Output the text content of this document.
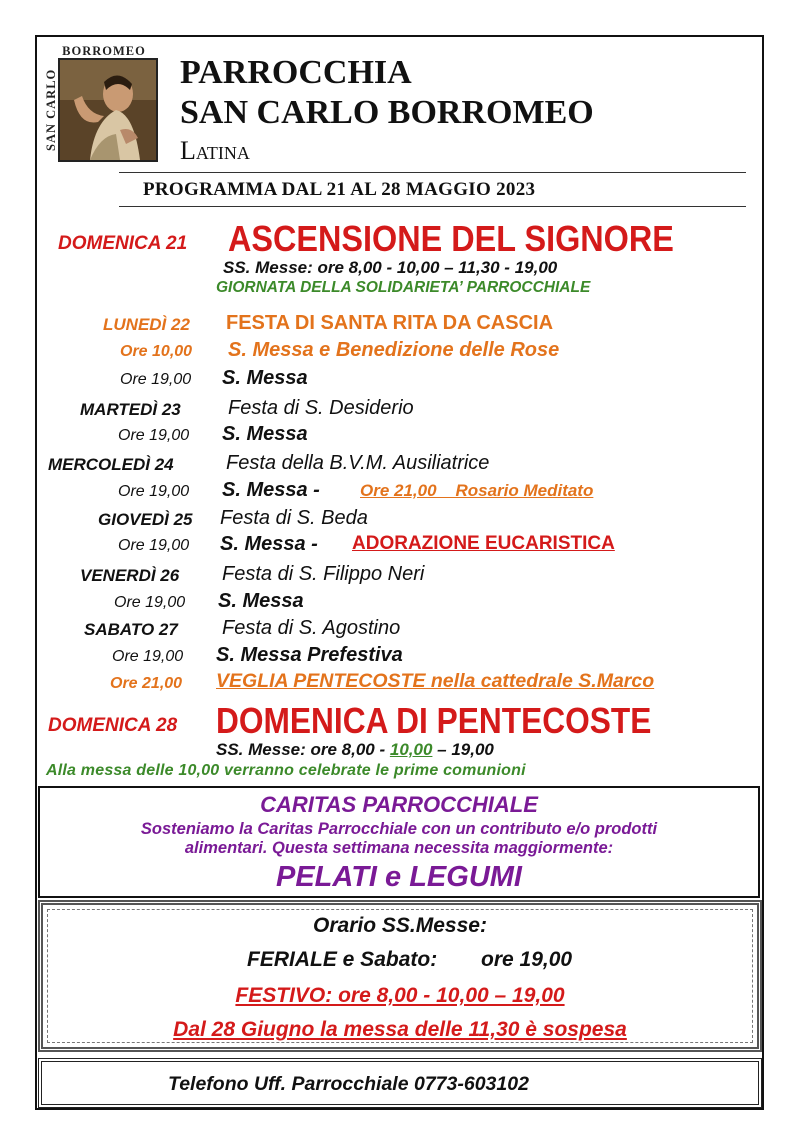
BORROMEO
SAN CARLO	PARROCCHIA
SAN CARLO BORROMEO
Latina
PROGRAMMA DAL 21 AL 28 MAGGIO 2023
DOMENICA 21 ASCENSIONE DEL SIGNORE
SS. Messe: ore 8,00 - 10,00 – 11,30 - 19,00
GIORNATA DELLA SOLIDARIETA’ PARROCCHIALE
LUNEDÌ 22 FESTA DI SANTA RITA DA CASCIA
Ore 10,00 S. Messa e Benedizione delle Rose
Ore 19,00 S. Messa
MARTEDÌ 23 Festa di S. Desiderio
Ore 19,00 S. Messa
MERCOLEDÌ 24	Festa della B.V.M. Ausiliatrice
Ore 19,00 S. Messa - Ore 21,00    Rosario Meditato
GIOVEDÌ 25 Festa di S. Beda
Ore 19,00 S. Messa - ADORAZIONE EUCARISTICA
VENERDÌ 26 Festa di S. Filippo Neri
Ore 19,00 S. Messa
SABATO 27 Festa di S. Agostino
Ore 19,00 S. Messa Prefestiva
Ore 21,00 VEGLIA PENTECOSTE nella cattedrale S.Marco
DOMENICA 28 DOMENICA DI PENTECOSTE
SS. Messe: ore 8,00 - 10,00 – 19,00
Alla messa delle 10,00 verranno celebrate le prime comunioni
CARITAS PARROCCHIALE
Sosteniamo la Caritas Parrocchiale con un contributo e/o prodotti
alimentari. Questa settimana necessita maggiormente:
PELATI e LEGUMI
Orario SS.Messe:
FERIALE e Sabato: ore 19,00
FESTIVO: ore 8,00 - 10,00 – 19,00
Dal 28 Giugno la messa delle 11,30 è sospesa
Telefono Uff. Parrocchiale 0773-603102
